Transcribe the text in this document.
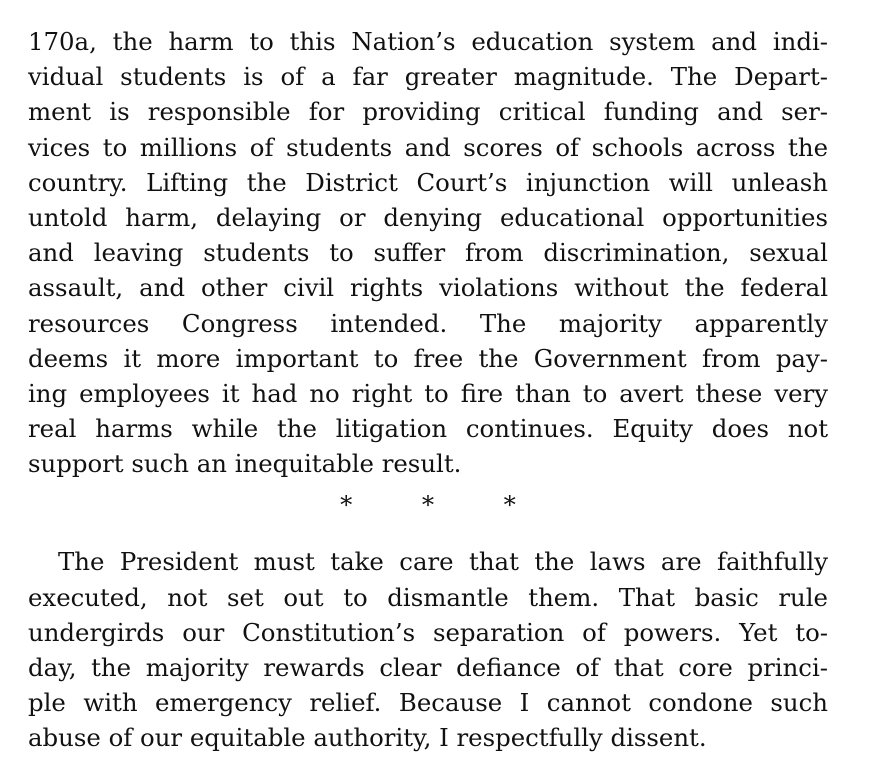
170a, the harm to this Nation’s education system and indi-
vidual students is of a far greater magnitude. The Depart-
ment is responsible for providing critical funding and ser-
vices to millions of students and scores of schools across the
country. Lifting the District Court’s injunction will unleash
untold harm, delaying or denying educational opportunities
and leaving students to suffer from discrimination, sexual
assault, and other civil rights violations without the federal
resources Congress intended. The majority apparently
deems it more important to free the Government from pay-
ing employees it had no right to fire than to avert these very
real harms while the litigation continues. Equity does not
support such an inequitable result.
*	*	*
The President must take care that the laws are faithfully
executed, not set out to dismantle them. That basic rule
undergirds our Constitution’s separation of powers. Yet to-
day, the majority rewards clear defiance of that core princi-
ple with emergency relief. Because I cannot condone such
abuse of our equitable authority, I respectfully dissent.
